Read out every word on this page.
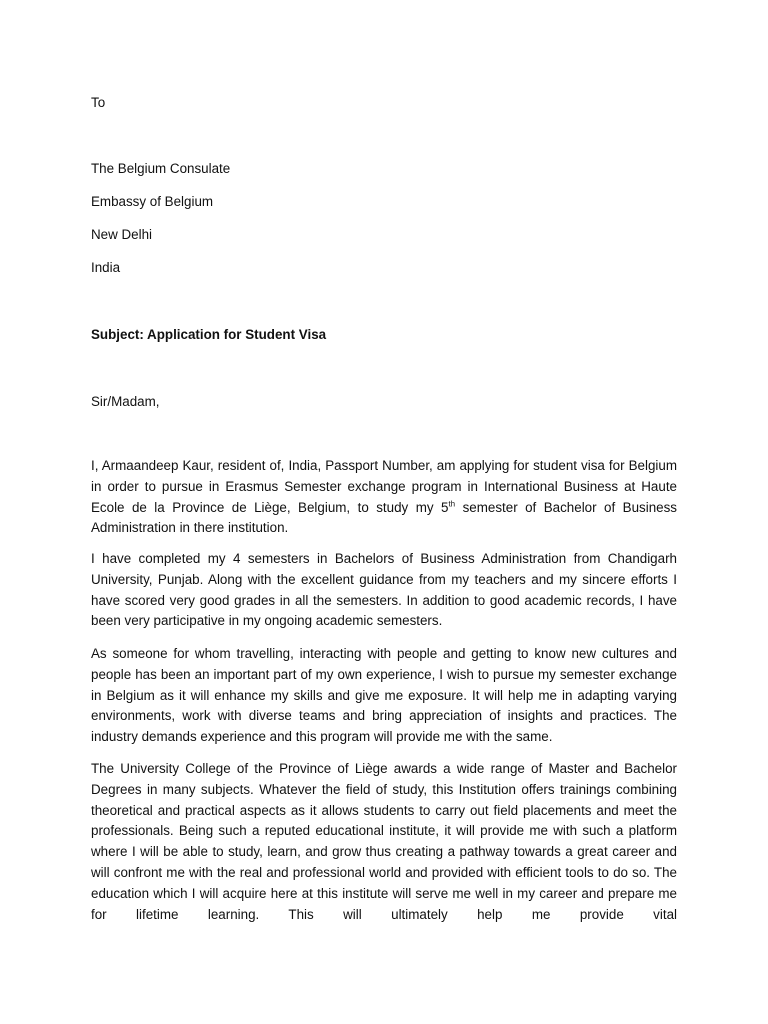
To

The Belgium Consulate

Embassy of Belgium

New Delhi

India

Subject: Application for Student Visa

Sir/Madam,

I, Armaandeep Kaur, resident of, India, Passport Number, am applying for student visa for Belgium in order to pursue in Erasmus Semester exchange program in International Business at Haute Ecole de la Province de Liège, Belgium, to study my 5th semester of Bachelor of Business Administration in there institution.

I have completed my 4 semesters in Bachelors of Business Administration from Chandigarh University, Punjab. Along with the excellent guidance from my teachers and my sincere efforts I have scored very good grades in all the semesters. In addition to good academic records, I have been very participative in my ongoing academic semesters.

As someone for whom travelling, interacting with people and getting to know new cultures and people has been an important part of my own experience, I wish to pursue my semester exchange in Belgium as it will enhance my skills and give me exposure. It will help me in adapting varying environments, work with diverse teams and bring appreciation of insights and practices. The industry demands experience and this program will provide me with the same.

The University College of the Province of Liège awards a wide range of Master and Bachelor Degrees in many subjects. Whatever the field of study, this Institution offers trainings combining theoretical and practical aspects as it allows students to carry out field placements and meet the professionals. Being such a reputed educational institute, it will provide me with such a platform where I will be able to study, learn, and grow thus creating a pathway towards a great career and will confront me with the real and professional world and provided with efficient tools to do so. The education which I will acquire here at this institute will serve me well in my career and prepare me for lifetime learning. This will ultimately help me provide vital
